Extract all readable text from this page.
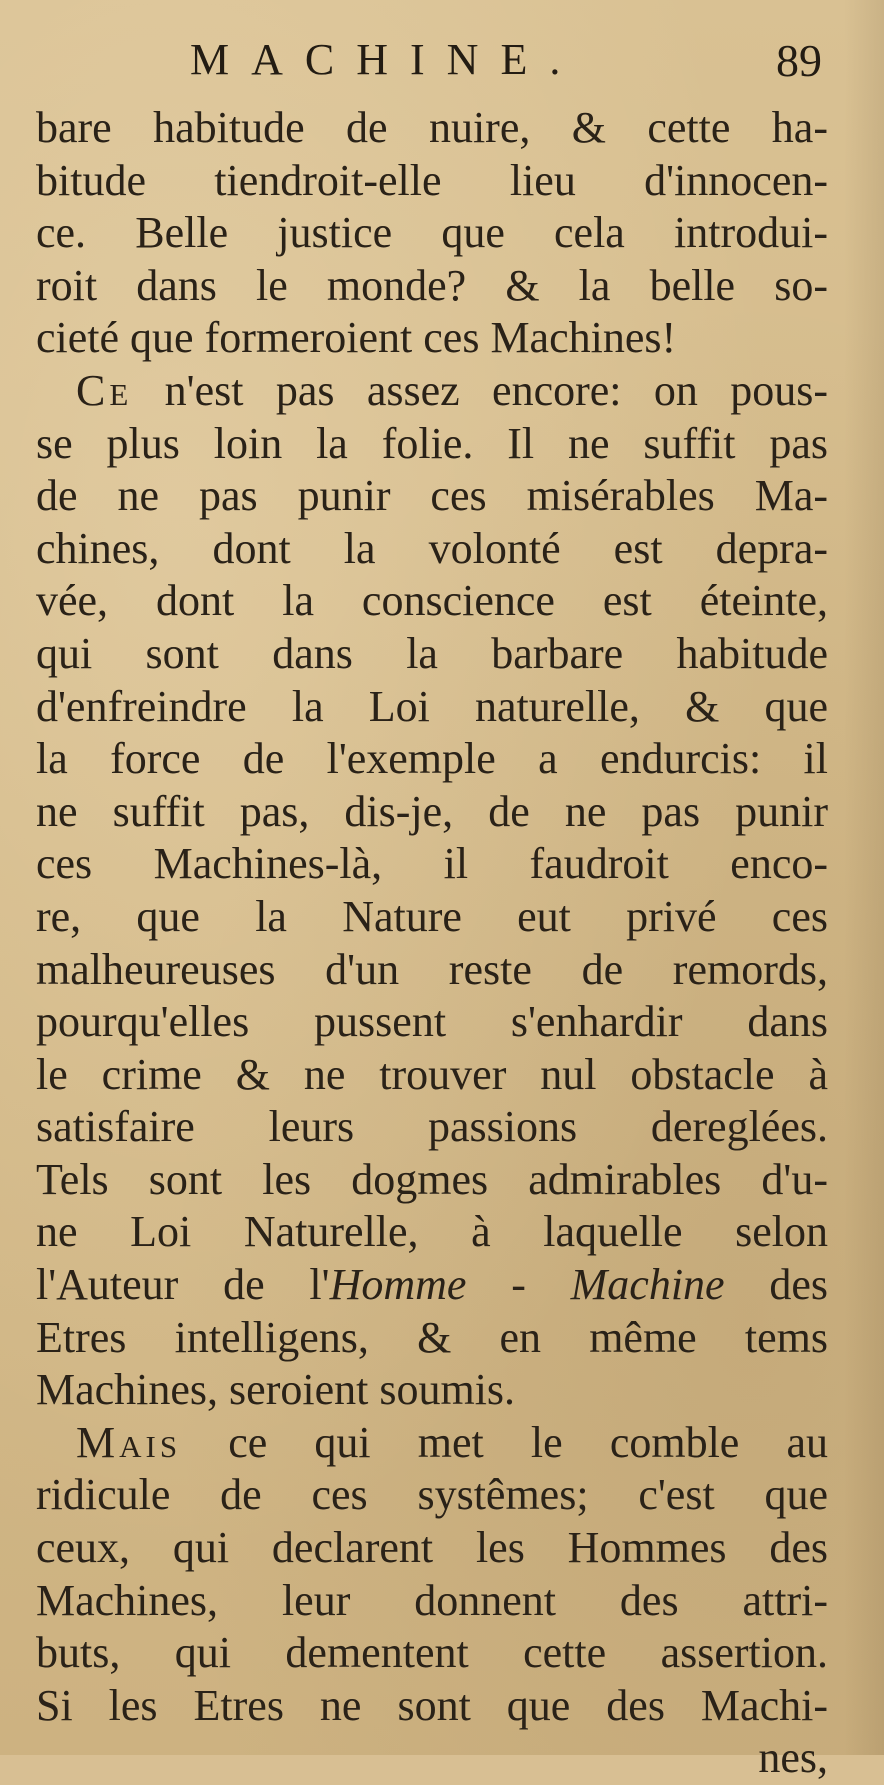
MACHINE.	89
bare habitude de nuire, & cette ha-
bitude tiendroit-elle lieu d'innocen-
ce. Belle justice que cela introdui-
roit dans le monde? & la belle so-
cieté que formeroient ces Machines!
Ce n'est pas assez encore: on pous-
se plus loin la folie. Il ne suffit pas
de ne pas punir ces misérables Ma-
chines, dont la volonté est depra-
vée, dont la conscience est éteinte,
qui sont dans la barbare habitude
d'enfreindre la Loi naturelle, & que
la force de l'exemple a endurcis: il
ne suffit pas, dis-je, de ne pas punir
ces Machines-là, il faudroit enco-
re, que la Nature eut privé ces
malheureuses d'un reste de remords,
pourqu'elles pussent s'enhardir dans
le crime & ne trouver nul obstacle à
satisfaire leurs passions dereglées.
Tels sont les dogmes admirables d'u-
ne Loi Naturelle, à laquelle selon
l'Auteur de l'Homme - Machine des
Etres intelligens, & en même tems
Machines, seroient soumis.
Mais ce qui met le comble au
ridicule de ces systêmes; c'est que
ceux, qui declarent les Hommes des
Machines, leur donnent des attri-
buts, qui dementent cette assertion.
Si les Etres ne sont que des Machi-
nes,
